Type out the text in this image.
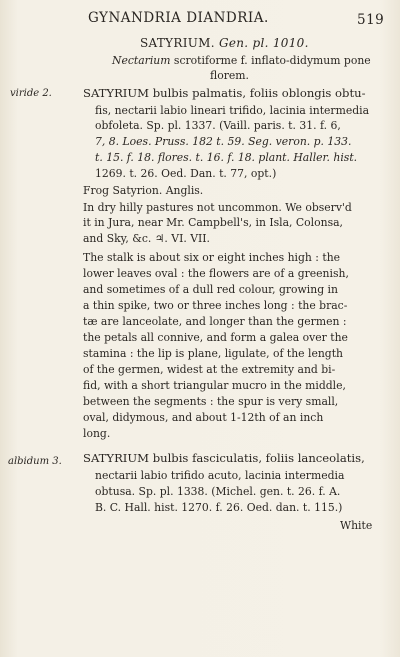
GYNANDRIA DIANDRIA.	519
SATYRIUM. Gen. pl. 1010.
Nectarium scrotiforme f. inflato-didymum pone
florem.
viride 2.	SATYRIUM bulbis palmatis, foliis oblongis obtu-
fis, nectarii labio lineari trifido, lacinia intermedia
obfoleta. Sp. pl. 1337. (Vaill. paris. t. 31. f. 6,
7, 8. Loes. Pruss. 182 t. 59. Seg. veron. p. 133.
t. 15. f. 18. flores. t. 16. f. 18. plant. Haller. hist.
1269. t. 26. Oed. Dan. t. 77, opt.)
Frog Satyrion. Anglis.
In dry hilly pastures not uncommon. We observ'd
it in Jura, near Mr. Campbell's, in Isla, Colonsa,
and Sky, &c. ♃. VI. VII.
The stalk is about six or eight inches high : the
lower leaves oval : the flowers are of a greenish,
and sometimes of a dull red colour, growing in
a thin spike, two or three inches long : the brac-
tæ are lanceolate, and longer than the germen :
the petals all connive, and form a galea over the
stamina : the lip is plane, ligulate, of the length
of the germen, widest at the extremity and bi-
fid, with a short triangular mucro in the middle,
between the segments : the spur is very small,
oval, didymous, and about 1-12th of an inch
long.
albidum 3. SATYRIUM bulbis fasciculatis, foliis lanceolatis,
nectarii labio trifido acuto, lacinia intermedia
obtusa. Sp. pl. 1338. (Michel. gen. t. 26. f. A.
B. C. Hall. hist. 1270. f. 26. Oed. dan. t. 115.)
White
